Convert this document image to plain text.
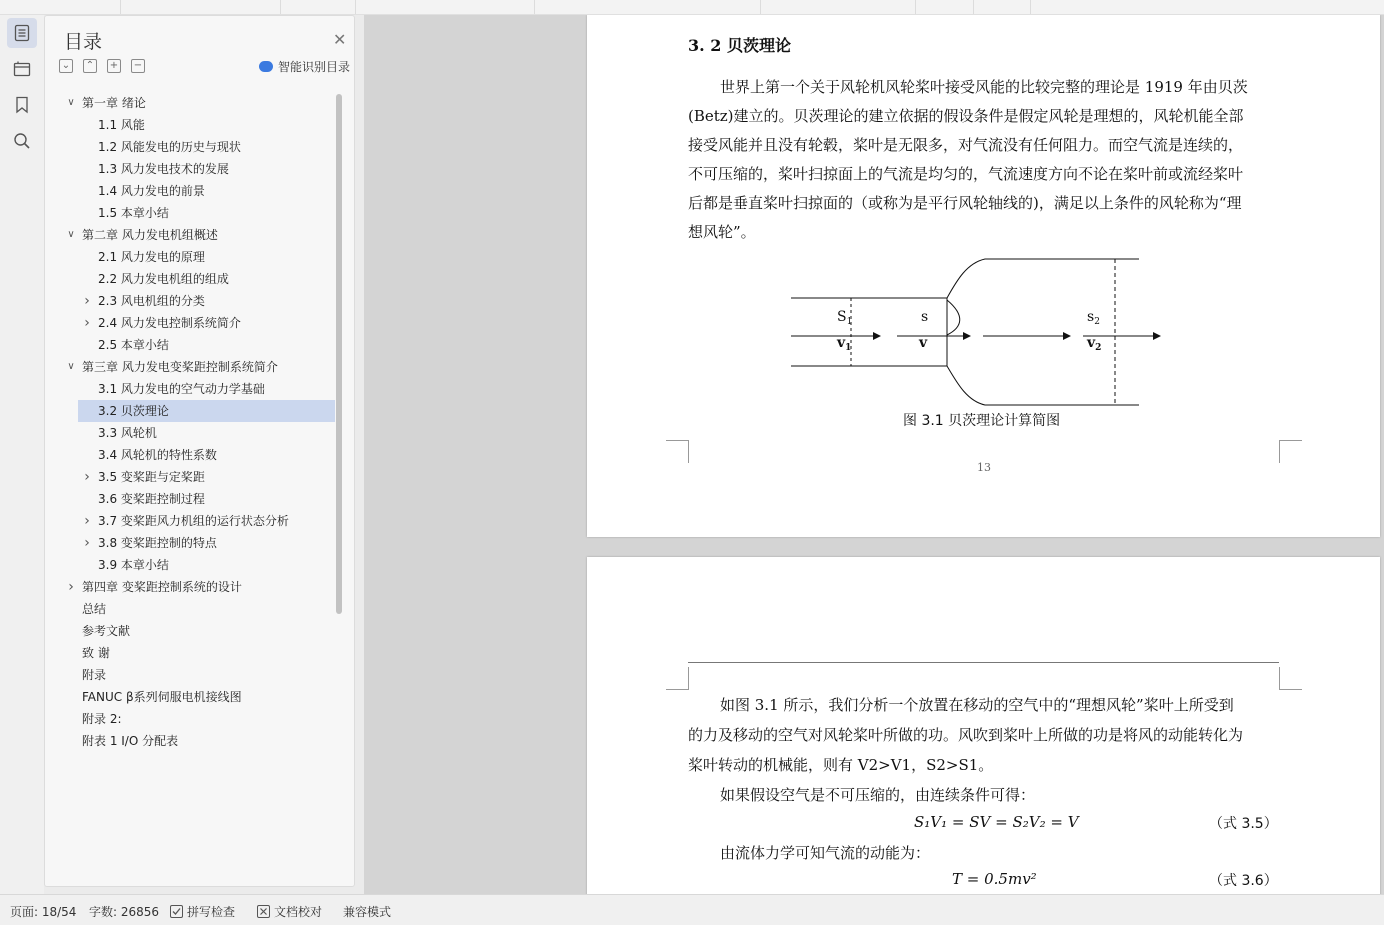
目录	✕
⌄ ⌃ + −	智能识别目录
∨ 第一章 绪论
1.1 风能
1.2 风能发电的历史与现状
1.3 风力发电技术的发展
1.4 风力发电的前景
1.5 本章小结
∨ 第二章 风力发电机组概述
2.1 风力发电的原理
2.2 风力发电机组的组成
› 2.3 风电机组的分类
› 2.4 风力发电控制系统简介
2.5 本章小结
∨ 第三章 风力发电变桨距控制系统简介
3.1 风力发电的空气动力学基础
3.2 贝茨理论
3.3 风轮机
3.4 风轮机的特性系数
› 3.5 变桨距与定桨距
3.6 变桨距控制过程
› 3.7 变桨距风力机组的运行状态分析
› 3.8 变桨距控制的特点
3.9 本章小结
› 第四章 变桨距控制系统的设计
总结
参考文献
致 谢
附录
FANUC β系列伺服电机接线图
附录 2:
附表 1 I/O 分配表
3. 2 贝茨理论
世界上第一个关于风轮机风轮桨叶接受风能的比较完整的理论是 1919 年由贝茨
(Betz)建立的。贝茨理论的建立依据的假设条件是假定风轮是理想的，风轮机能全部
接受风能并且没有轮毂，桨叶是无限多，对气流没有任何阻力。而空气流是连续的，
不可压缩的，桨叶扫掠面上的气流是均匀的，气流速度方向不论在桨叶前或流经桨叶
后都是垂直桨叶扫掠面的（或称为是平行风轮轴线的)，满足以上条件的风轮称为“理
想风轮”。
$S_1$
$v_1$
s
v
$s_2$
$v_2$
图 3.1 贝茨理论计算简图
13
如图 3.1 所示，我们分析一个放置在移动的空气中的“理想风轮”桨叶上所受到
的力及移动的空气对风轮桨叶所做的功。风吹到桨叶上所做的功是将风的动能转化为
桨叶转动的机械能，则有 V2>V1，S2>S1。
如果假设空气是不可压缩的，由连续条件可得：
S₁V₁ = SV = S₂V₂ = V	（式 3.5）
由流体力学可知气流的动能为：
T = 0.5mv²	（式 3.6）
页面: 18/54 字数: 26856 拼写检查	文档校对 兼容模式
